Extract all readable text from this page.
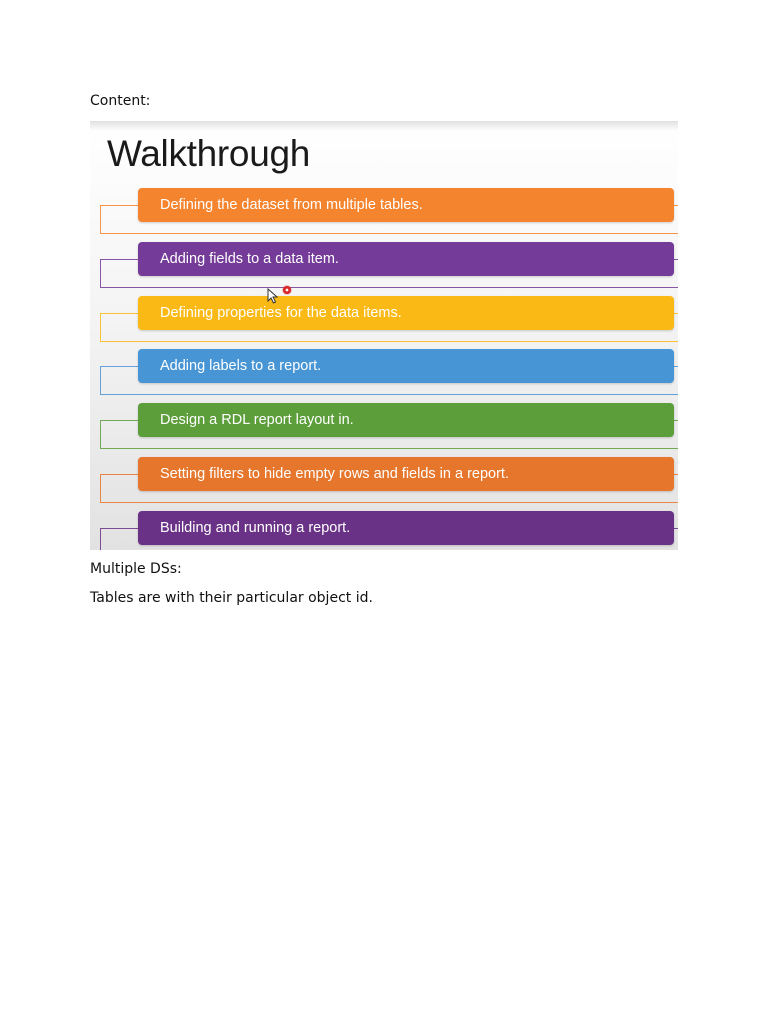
Content:
Walkthrough
Defining the dataset from multiple tables.
Adding fields to a data item.
Defining properties for the data items.
Adding labels to a report.
Design a RDL report layout in.
Setting filters to hide empty rows and fields in a report.
Building and running a report.
Multiple DSs:
Tables are with their particular object id.
